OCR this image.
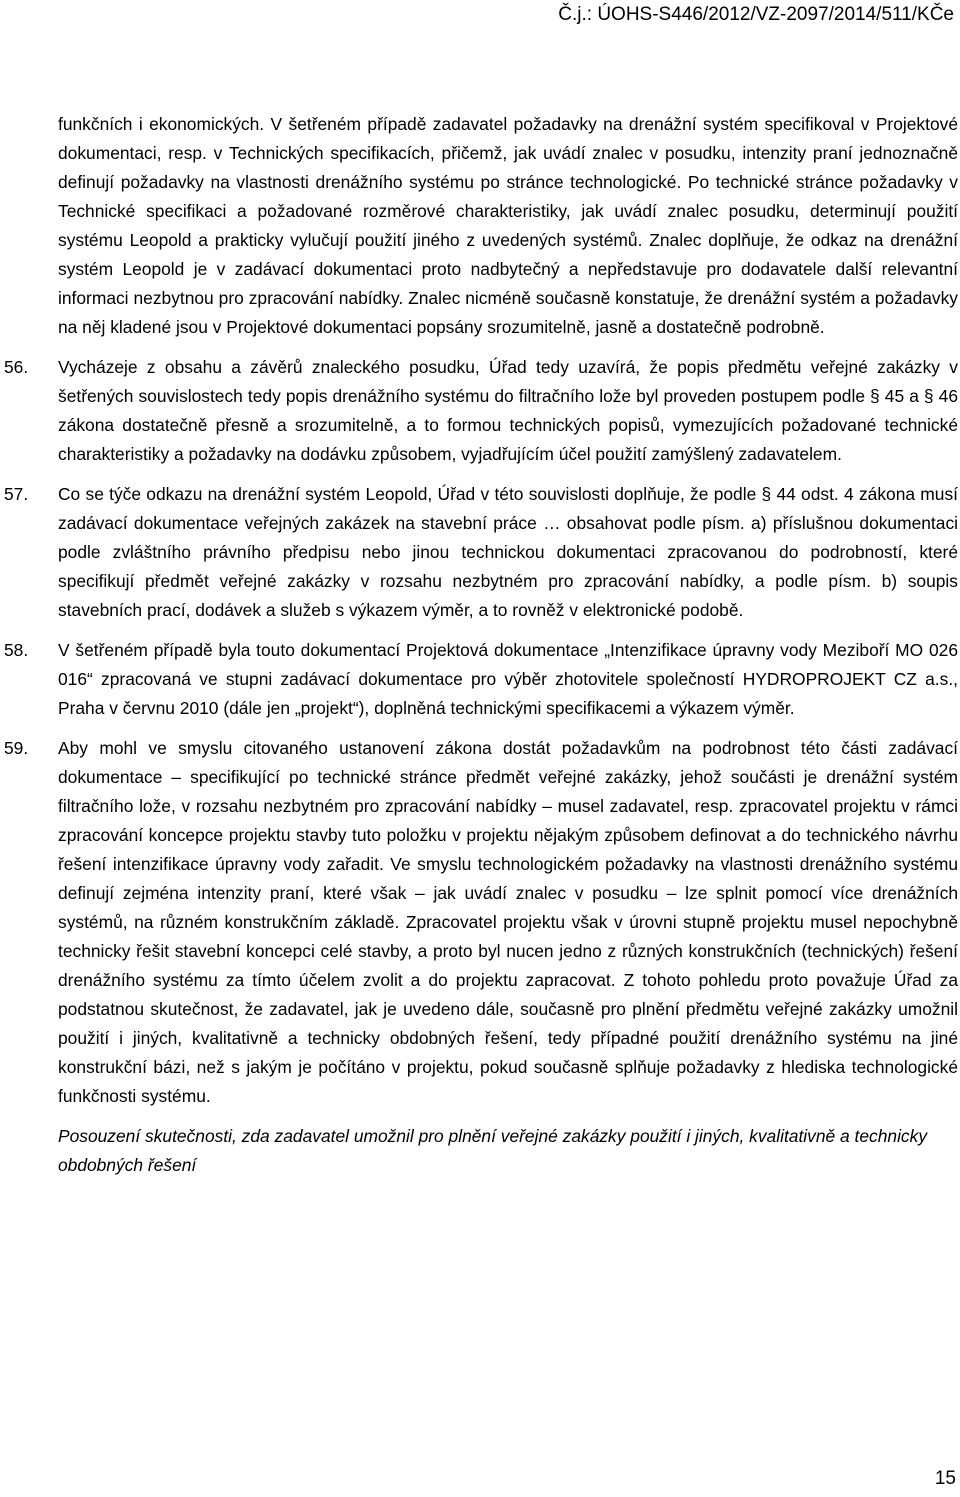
Č.j.: ÚOHS-S446/2012/VZ-2097/2014/511/KČe

funkčních i ekonomických. V šetřeném případě zadavatel požadavky na drenážní systém specifikoval v Projektové dokumentaci, resp. v Technických specifikacích, přičemž, jak uvádí znalec v posudku, intenzity praní jednoznačně definují požadavky na vlastnosti drenážního systému po stránce technologické. Po technické stránce požadavky v Technické specifikaci a požadované rozměrové charakteristiky, jak uvádí znalec posudku, determinují použití systému Leopold a prakticky vylučují použití jiného z uvedených systémů. Znalec doplňuje, že odkaz na drenážní systém Leopold je v zadávací dokumentaci proto nadbytečný a nepředstavuje pro dodavatele další relevantní informaci nezbytnou pro zpracování nabídky. Znalec nicméně současně konstatuje, že drenážní systém a požadavky na něj kladené jsou v Projektové dokumentaci popsány srozumitelně, jasně a dostatečně podrobně.

56.	Vycházeje z obsahu a závěrů znaleckého posudku, Úřad tedy uzavírá, že popis předmětu veřejné zakázky v šetřených souvislostech tedy popis drenážního systému do filtračního lože byl proveden postupem podle § 45 a § 46 zákona dostatečně přesně a srozumitelně, a to formou technických popisů, vymezujících požadované technické charakteristiky a požadavky na dodávku způsobem, vyjadřujícím účel použití zamýšlený zadavatelem.

57.	Co se týče odkazu na drenážní systém Leopold, Úřad v této souvislosti doplňuje, že podle § 44 odst. 4 zákona musí zadávací dokumentace veřejných zakázek na stavební práce … obsahovat podle písm. a) příslušnou dokumentaci podle zvláštního právního předpisu nebo jinou technickou dokumentaci zpracovanou do podrobností, které specifikují předmět veřejné zakázky v rozsahu nezbytném pro zpracování nabídky, a podle písm. b) soupis stavebních prací, dodávek a služeb s výkazem výměr, a to rovněž v elektronické podobě.

58.	V šetřeném případě byla touto dokumentací Projektová dokumentace „Intenzifikace úpravny vody Meziboří MO 026 016“ zpracovaná ve stupni zadávací dokumentace pro výběr zhotovitele společností HYDROPROJEKT CZ a.s., Praha v červnu 2010 (dále jen „projekt“), doplněná technickými specifikacemi a výkazem výměr.

59.	Aby mohl ve smyslu citovaného ustanovení zákona dostát požadavkům na podrobnost této části zadávací dokumentace – specifikující po technické stránce předmět veřejné zakázky, jehož součásti je drenážní systém filtračního lože, v rozsahu nezbytném pro zpracování nabídky – musel zadavatel, resp. zpracovatel projektu v rámci zpracování koncepce projektu stavby tuto položku v projektu nějakým způsobem definovat a do technického návrhu řešení intenzifikace úpravny vody zařadit. Ve smyslu technologickém požadavky na vlastnosti drenážního systému definují zejména intenzity praní, které však – jak uvádí znalec v posudku – lze splnit pomocí více drenážních systémů, na různém konstrukčním základě. Zpracovatel projektu však v úrovni stupně projektu musel nepochybně technicky řešit stavební koncepci celé stavby, a proto byl nucen jedno z různých konstrukčních (technických) řešení drenážního systému za tímto účelem zvolit a do projektu zapracovat. Z tohoto pohledu proto považuje Úřad za podstatnou skutečnost, že zadavatel, jak je uvedeno dále, současně pro plnění předmětu veřejné zakázky umožnil použití i jiných, kvalitativně a technicky obdobných řešení, tedy případné použití drenážního systému na jiné konstrukční bázi, než s jakým je počítáno v projektu, pokud současně splňuje požadavky z hlediska technologické funkčnosti systému.

Posouzení skutečnosti, zda zadavatel umožnil pro plnění veřejné zakázky použití i jiných, kvalitativně a technicky obdobných řešení

15
